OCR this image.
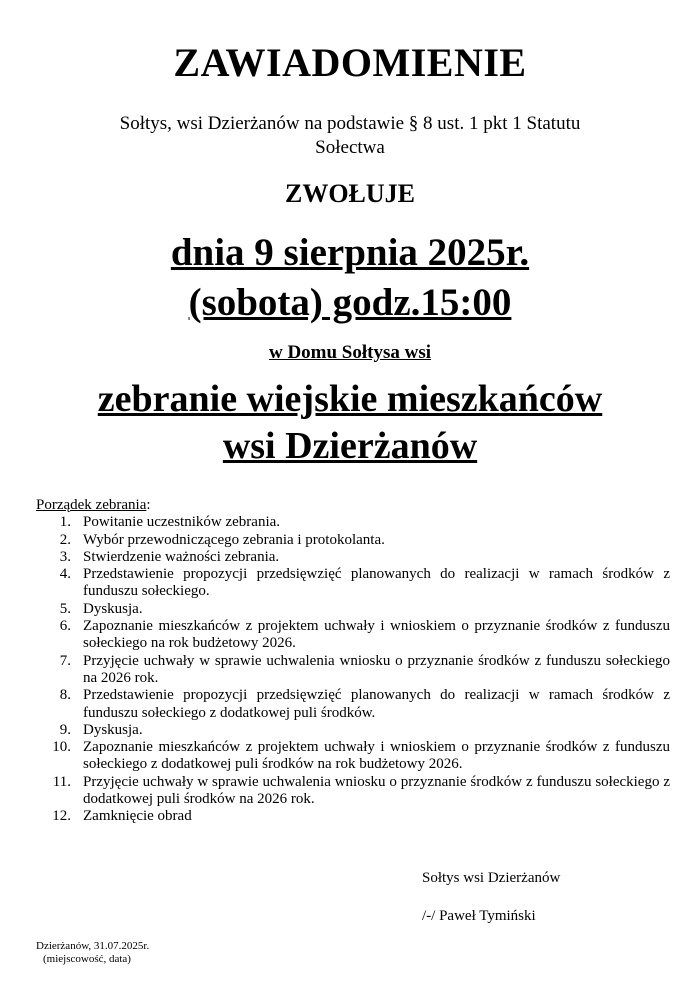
ZAWIADOMIENIE
Sołtys, wsi Dzierżanów na podstawie § 8 ust. 1 pkt 1 Statutu
Sołectwa
ZWOŁUJE
dnia 9 sierpnia 2025r.
(sobota) godz.15:00
w Domu Sołtysa wsi
zebranie wiejskie mieszkańców
wsi Dzierżanów
Porządek zebrania:
1. Powitanie uczestników zebrania.
2. Wybór przewodniczącego zebrania i protokolanta.
3. Stwierdzenie ważności zebrania.
4. Przedstawienie propozycji przedsięwzięć planowanych do realizacji w ramach środków z funduszu sołeckiego.
5. Dyskusja.
6. Zapoznanie mieszkańców z projektem uchwały i wnioskiem o przyznanie środków z funduszu sołeckiego na rok budżetowy 2026.
7. Przyjęcie uchwały w sprawie uchwalenia wniosku o przyznanie środków z funduszu sołeckiego na 2026 rok.
8. Przedstawienie propozycji przedsięwzięć planowanych do realizacji w ramach środków z funduszu sołeckiego z dodatkowej puli środków.
9. Dyskusja.
10. Zapoznanie mieszkańców z projektem uchwały i wnioskiem o przyznanie środków z funduszu sołeckiego z dodatkowej puli środków na rok budżetowy 2026.
11. Przyjęcie uchwały w sprawie uchwalenia wniosku o przyznanie środków z funduszu sołeckiego z dodatkowej puli środków na 2026 rok.
12. Zamknięcie obrad
Sołtys wsi Dzierżanów
/-/ Paweł Tymiński
Dzierżanów, 31.07.2025r.
(miejscowość, data)
